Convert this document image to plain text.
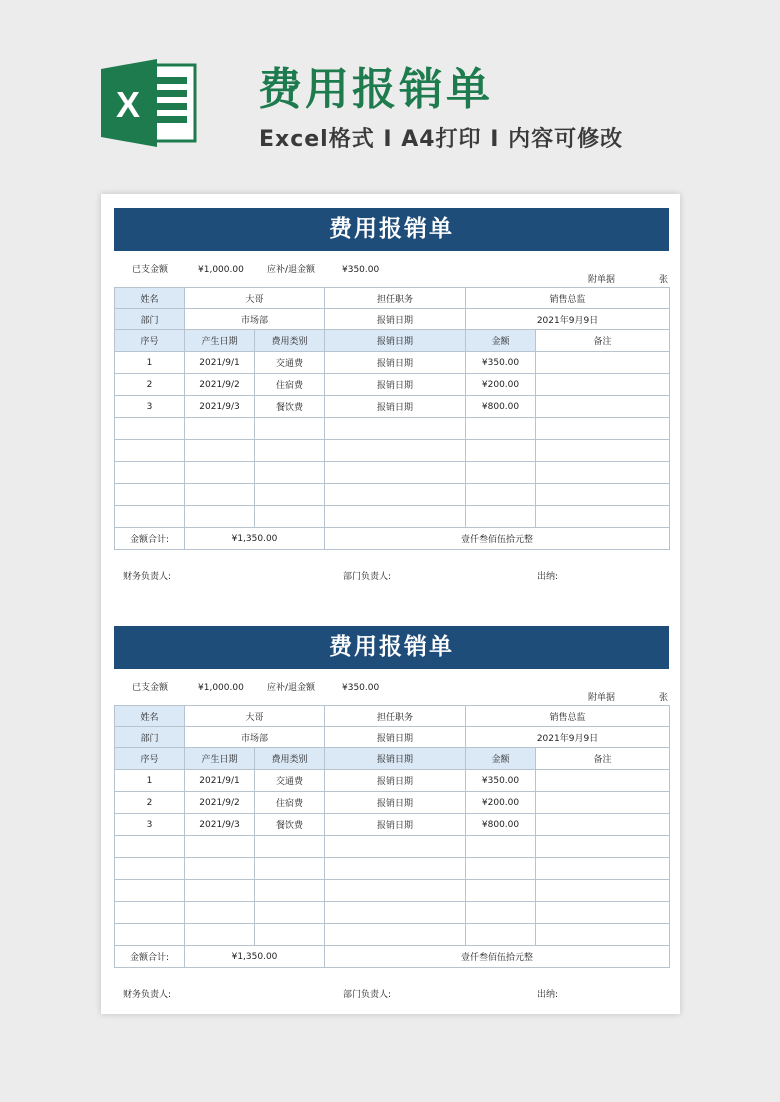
X	费用报销单
Excel格式 I A4打印 I 内容可修改
费用报销单
已支金额	¥1,000.00	应补/退金额	¥350.00
附单据	张
姓名	大哥	担任职务	销售总监
部门	市场部	报销日期	2021年9月9日
序号	产生日期	费用类别	报销日期	金额	备注
1	2021/9/1	交通费	报销日期	¥350.00
2	2021/9/2	住宿费	报销日期	¥200.00
3	2021/9/3	餐饮费	报销日期	¥800.00
金额合计:	¥1,350.00	壹仟叁佰伍拾元整
财务负责人:	部门负责人:	出纳:
费用报销单
已支金额	¥1,000.00	应补/退金额	¥350.00
附单据	张
姓名	大哥	担任职务	销售总监
部门	市场部	报销日期	2021年9月9日
序号	产生日期	费用类别	报销日期	金额	备注
1	2021/9/1	交通费	报销日期	¥350.00
2	2021/9/2	住宿费	报销日期	¥200.00
3	2021/9/3	餐饮费	报销日期	¥800.00
金额合计:	¥1,350.00	壹仟叁佰伍拾元整
财务负责人:	部门负责人:	出纳:
